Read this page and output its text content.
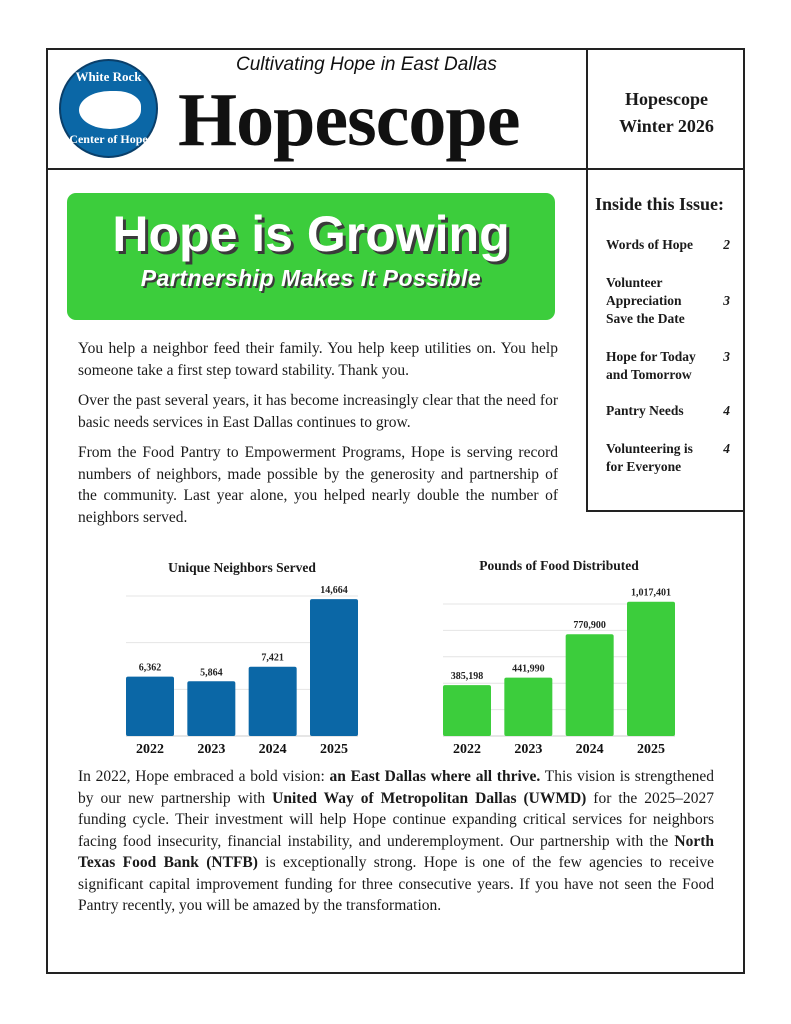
White Rock
Center of Hope Hopescope
Cultivating Hope in East Dallas
Hopescope
Winter 2026
Inside this Issue:
Words of Hope 2
Volunteer Appreciation Save the Date
3
Hope for Today and Tomorrow
3
Pantry Needs	4
Volunteering is for Everyone
4
Hope is Growing
Partnership Makes It Possible

You help a neighbor feed their family. You help keep utilities on. You help someone take a first step toward stability. Thank you.

Over the past several years, it has become increasingly clear that the need for basic needs services in East Dallas continues to grow.

From the Food Pantry to Empowerment Programs, Hope is serving record numbers of neighbors, made possible by the generosity and partnership of the community. Last year alone, you helped nearly double the number of neighbors served.

Unique Neighbors Served	Pounds of Food Distributed
6,362
2022
5,864
2023
7,421
2024
14,664
2025
385,198
2022
441,990
2023
770,900
2024
1,017,401
2025
In 2022, Hope embraced a bold vision: an East Dallas where all thrive. This vision is strengthened by our new partnership with United Way of Metropolitan Dallas (UWMD) for the 2025–2027 funding cycle. Their investment will help Hope continue expanding critical services for neighbors facing food insecurity, financial instability, and underemployment. Our partnership with the North Texas Food Bank (NTFB) is exceptionally strong. Hope is one of the few agencies to receive significant capital improvement funding for three consecutive years. If you have not seen the Food Pantry recently, you will be amazed by the transformation.
